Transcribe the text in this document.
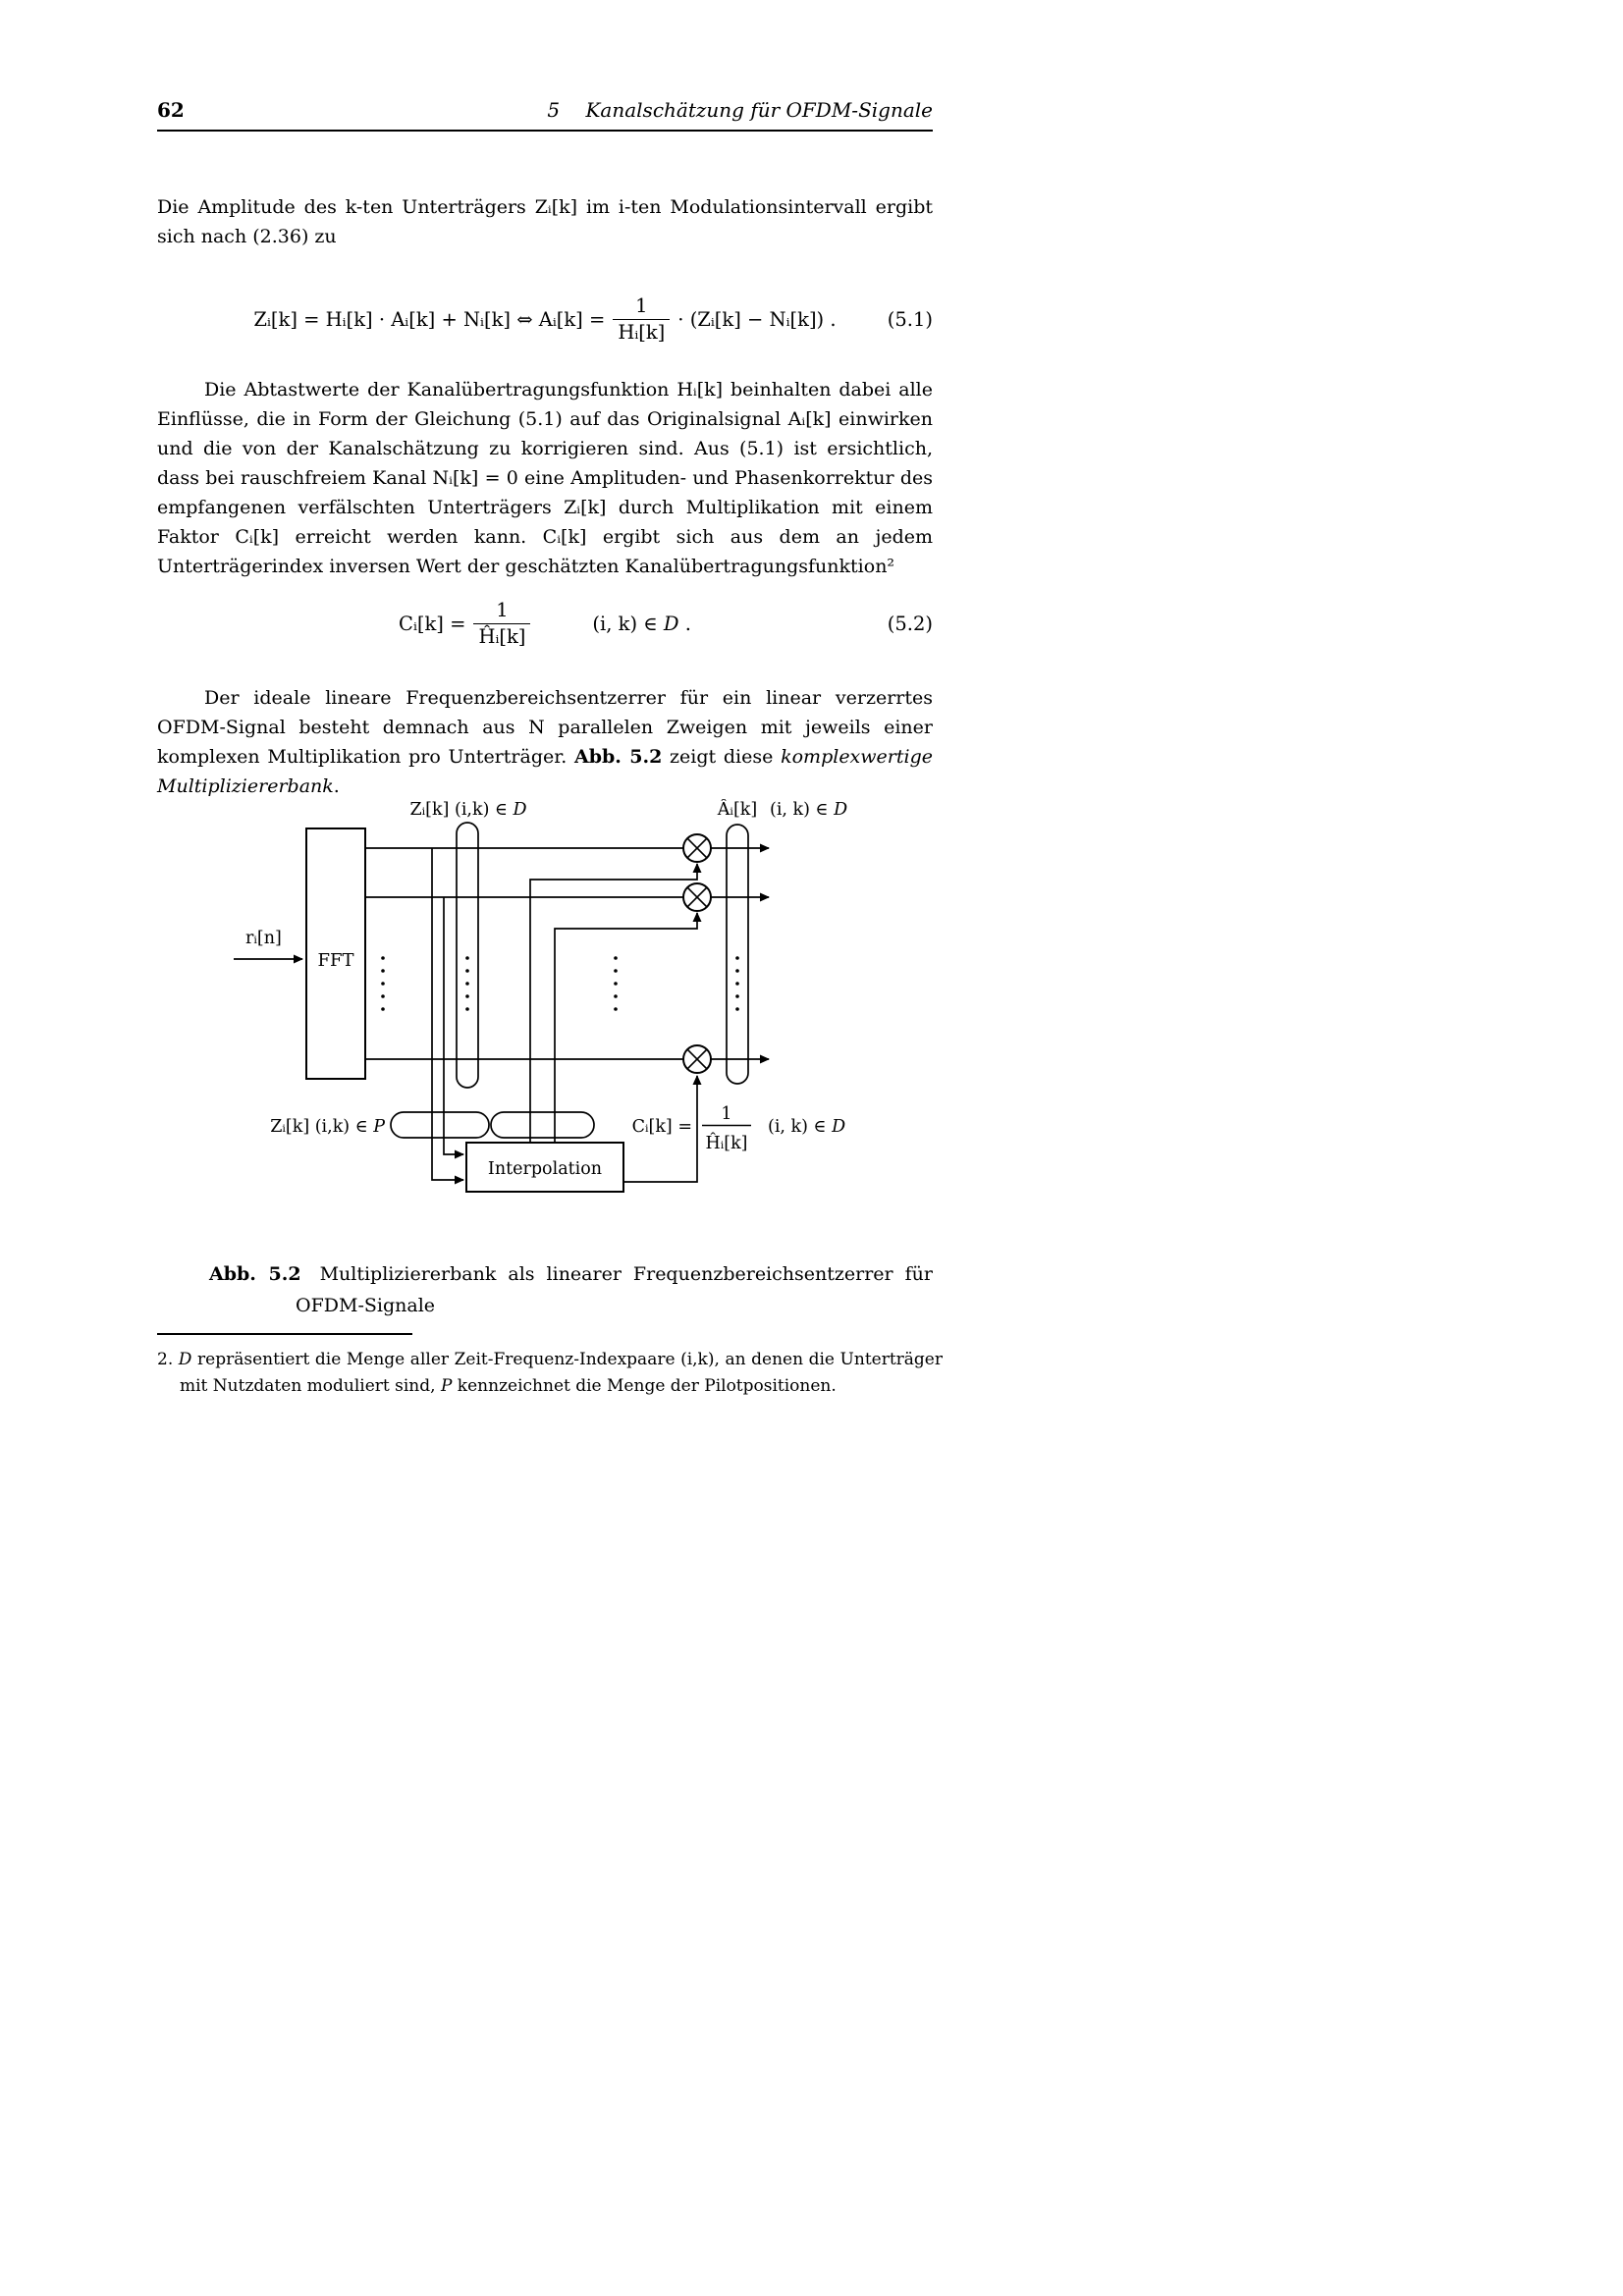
62	5 Kanalschätzung für OFDM-Signale

Die Amplitude des k-ten Unterträgers Zᵢ[k] im i-ten Modulationsintervall ergibt sich nach (2.36) zu

Zᵢ[k] = Hᵢ[k] · Aᵢ[k] + Nᵢ[k] ⇔ Aᵢ[k] = $\frac{1}{\text{Hᵢ[k]}}$ · (Zᵢ[k] − Nᵢ[k]) .	(5.1)

Die Abtastwerte der Kanalübertragungsfunktion Hᵢ[k] beinhalten dabei alle Einflüsse, die in Form der Gleichung (5.1) auf das Originalsignal Aᵢ[k] einwirken und die von der Kanalschätzung zu korrigieren sind. Aus (5.1) ist ersichtlich, dass bei rauschfreiem Kanal Nᵢ[k] = 0 eine Amplituden- und Phasenkorrektur des empfangenen verfälschten Unterträgers Zᵢ[k] durch Multiplikation mit einem Faktor Cᵢ[k] erreicht werden kann. Cᵢ[k] ergibt sich aus dem an jedem Unterträgerindex inversen Wert der geschätzten Kanalübertragungsfunktion²

Cᵢ[k] = $\frac{1}{\text{Ĥᵢ[k]}}$	(i, k) ∈ D .	(5.2)

Der ideale lineare Frequenzbereichsentzerrer für ein linear verzerrtes OFDM-Signal besteht demnach aus N parallelen Zweigen mit jeweils einer komplexen Multiplikation pro Unterträger. Abb. 5.2 zeigt diese komplexwertige Multipliziererbank.

Zᵢ[k] (i,k) ∈ D	Âᵢ[k] (i, k) ∈ D
rᵢ[n]
FFT
Zᵢ[k] (i,k) ∈ P	Cᵢ[k] =
1
Ĥᵢ[k]
(i, k) ∈ D
Interpolation
Abb. 5.2 Multipliziererbank als linearer Frequenzbereichsentzerrer für OFDM-Signale
2. D repräsentiert die Menge aller Zeit-Frequenz-Indexpaare (i,k), an denen die Unterträger mit Nutzdaten moduliert sind, P kennzeichnet die Menge der Pilotpositionen.
